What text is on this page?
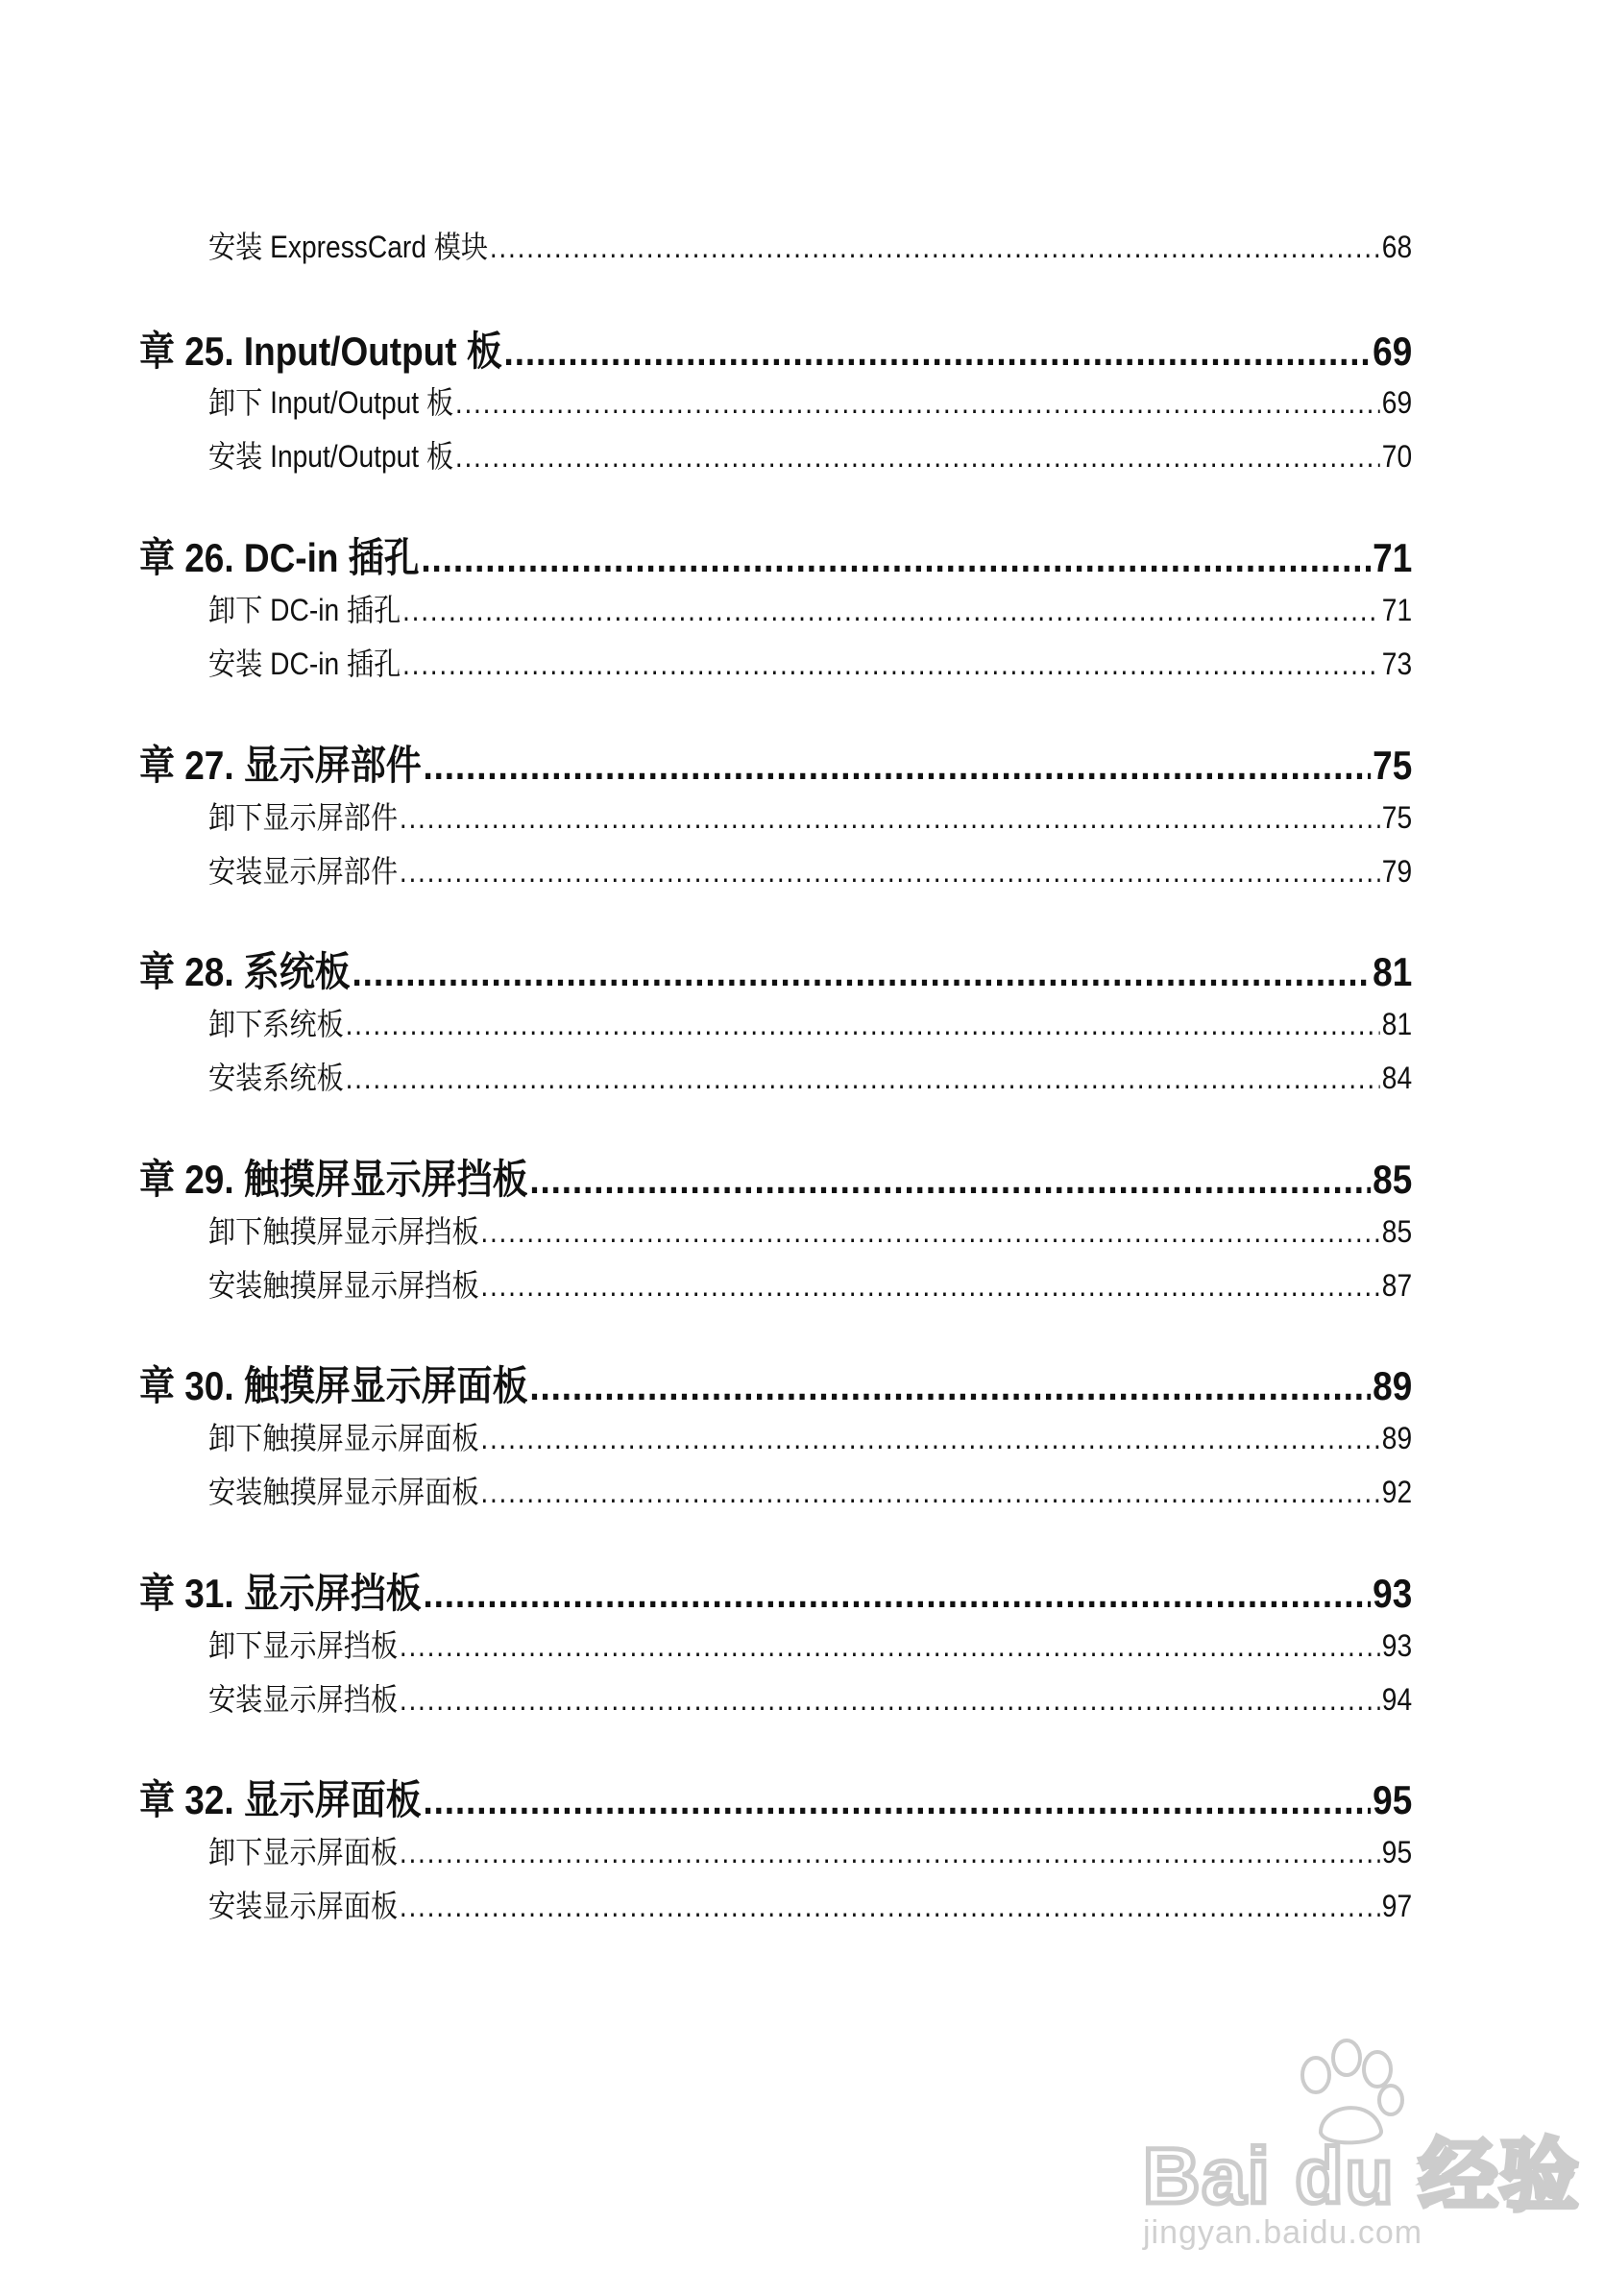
安装 ExpressCard 模块 .....	68
章 25. Input/Output 板 .....	69
卸下 Input/Output 板 .....	69
安装 Input/Output 板 .....	70
章 26. DC-in 插孔 .....	71
卸下 DC-in 插孔 .....	71
安装 DC-in 插孔 .....	73
章 27. 显示屏部件 .....	75
卸下显示屏部件 .....	75
安装显示屏部件 .....	79
章 28. 系统板 .....	81
卸下系统板 .....	81
安装系统板 .....	84
章 29. 触摸屏显示屏挡板 .....	85
卸下触摸屏显示屏挡板 .....	85
安装触摸屏显示屏挡板 .....	87
章 30. 触摸屏显示屏面板 .....	89
卸下触摸屏显示屏面板 .....	89
安装触摸屏显示屏面板 .....	92
章 31. 显示屏挡板 .....	93
卸下显示屏挡板 .....	93
安装显示屏挡板 .....	94
章 32. 显示屏面板 .....	95
卸下显示屏面板 .....	95
安装显示屏面板 .....	97
Bai du 经验
jingyan.baidu.com
